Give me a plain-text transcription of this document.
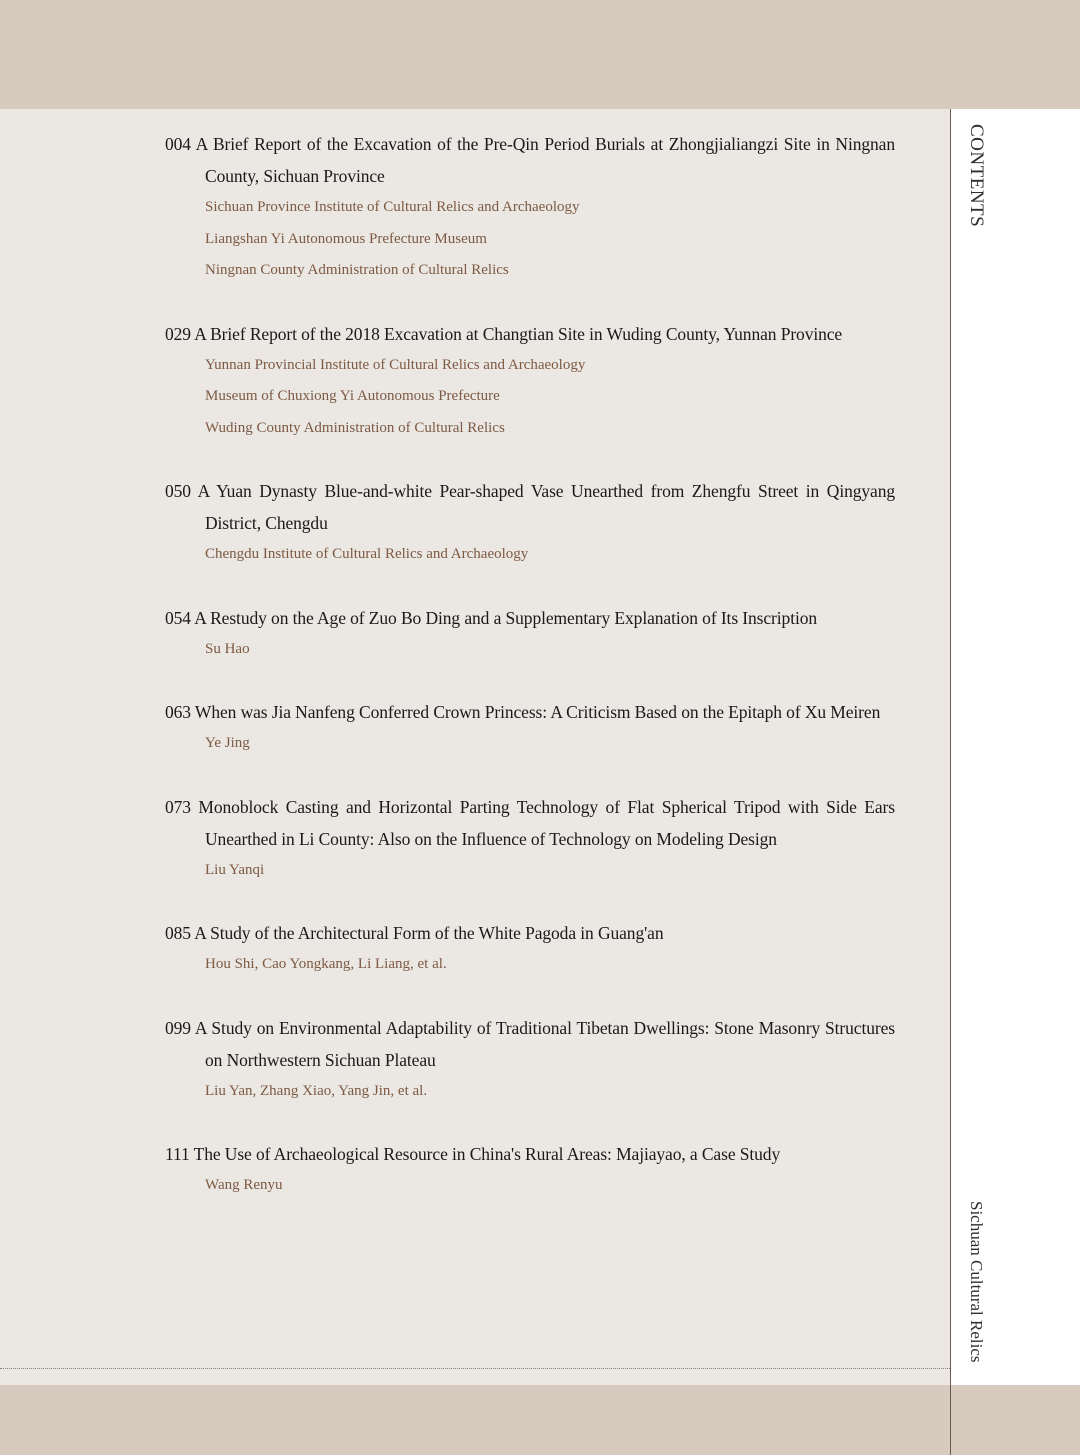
CONTENTS
Sichuan Cultural Relics
004 A Brief Report of the Excavation of the Pre-Qin Period Burials at Zhongjialiangzi Site in Ningnan County, Sichuan Province
Sichuan Province Institute of Cultural Relics and Archaeology
Liangshan Yi Autonomous Prefecture Museum
Ningnan County Administration of Cultural Relics
029 A Brief Report of the 2018 Excavation at Changtian Site in Wuding County, Yunnan Province
Yunnan Provincial Institute of Cultural Relics and Archaeology
Museum of Chuxiong Yi Autonomous Prefecture
Wuding County Administration of Cultural Relics
050 A Yuan Dynasty Blue-and-white Pear-shaped Vase Unearthed from Zhengfu Street in Qingyang District, Chengdu
Chengdu Institute of Cultural Relics and Archaeology
054 A Restudy on the Age of Zuo Bo Ding and a Supplementary Explanation of Its Inscription
Su Hao
063 When was Jia Nanfeng Conferred Crown Princess: A Criticism Based on the Epitaph of Xu Meiren
Ye Jing
073 Monoblock Casting and Horizontal Parting Technology of Flat Spherical Tripod with Side Ears Unearthed in Li County: Also on the Influence of Technology on Modeling Design
Liu Yanqi
085 A Study of the Architectural Form of the White Pagoda in Guang'an
Hou Shi, Cao Yongkang, Li Liang, et al.
099 A Study on Environmental Adaptability of Traditional Tibetan Dwellings: Stone Masonry Structures on Northwestern Sichuan Plateau
Liu Yan, Zhang Xiao, Yang Jin, et al.
111 The Use of Archaeological Resource in China's Rural Areas: Majiayao, a Case Study
Wang Renyu
